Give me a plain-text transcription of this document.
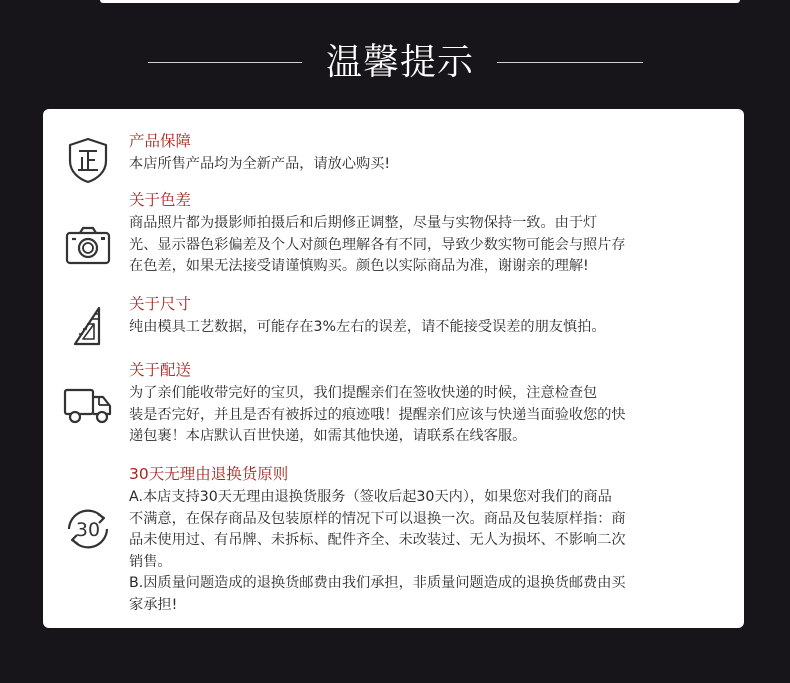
温馨提示
产品保障

本店所售产品均为全新产品，请放心购买!

关于色差

商品照片都为摄影师拍摄后和后期修正调整，尽量与实物保持一致。由于灯

光、显示器色彩偏差及个人对颜色理解各有不同，导致少数实物可能会与照片存

在色差，如果无法接受请谨慎购买。颜色以实际商品为准，谢谢亲的理解!

关于尺寸

纯由模具工艺数据，可能存在3%左右的误差，请不能接受误差的朋友慎拍。

关于配送

为了亲们能收带完好的宝贝，我们提醒亲们在签收快递的时候，注意检查包

装是否完好，并且是否有被拆过的痕迹哦！提醒亲们应该与快递当面验收您的快

递包裹！本店默认百世快递，如需其他快递，请联系在线客服。

30
30天无理由退换货原则

A.本店支持30天无理由退换货服务（签收后起30天内），如果您对我们的商品

不满意，在保存商品及包装原样的情况下可以退换一次。商品及包装原样指：商

品未使用过、有吊牌、未拆标、配件齐全、未改装过、无人为损坏、不影响二次

销售。

B.因质量问题造成的退换货邮费由我们承担，非质量问题造成的退换货邮费由买

家承担!
